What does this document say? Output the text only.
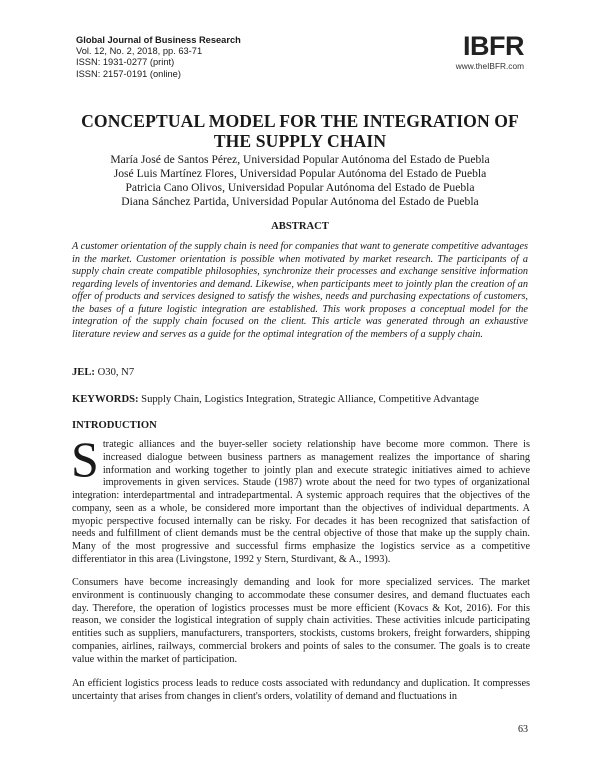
Global Journal of Business Research
Vol. 12, No. 2, 2018, pp. 63-71
ISSN: 1931-0277 (print)
ISSN: 2157-0191 (online)
IBFR
www.theIBFR.com
CONCEPTUAL MODEL FOR THE INTEGRATION OF THE SUPPLY CHAIN
María José de Santos Pérez, Universidad Popular Autónoma del Estado de Puebla
José Luis Martínez Flores, Universidad Popular Autónoma del Estado de Puebla
Patricia Cano Olivos, Universidad Popular Autónoma del Estado de Puebla
Diana Sánchez Partida, Universidad Popular Autónoma del Estado de Puebla
ABSTRACT
A customer orientation of the supply chain is need for companies that want to generate competitive advantages in the market. Customer orientation is possible when motivated by market research. The participants of a supply chain create compatible philosophies, synchronize their processes and exchange sensitive information regarding levels of inventories and demand. Likewise, when participants meet to jointly plan the creation of an offer of products and services designed to satisfy the wishes, needs and purchasing expectations of customers, the bases of a future logistic integration are established. This work proposes a conceptual model for the integration of the supply chain focused on the client. This article was generated through an exhaustive literature review and serves as a guide for the optimal integration of the members of a supply chain.
JEL: O30, N7
KEYWORDS: Supply Chain, Logistics Integration, Strategic Alliance, Competitive Advantage
INTRODUCTION

Strategic alliances and the buyer-seller society relationship have become more common. There is increased dialogue between business partners as management realizes the importance of sharing information and working together to jointly plan and execute strategic initiatives aimed to achieve improvements in given services. Staude (1987) wrote about the need for two types of organizational integration: interdepartmental and intradepartmental. A systemic approach requires that the objectives of the company, seen as a whole, be considered more important than the objectives of individual departments. A myopic perspective focused internally can be risky. For decades it has been recognized that satisfaction of needs and fulfillment of client demands must be the central objective of those that make up the supply chain. Many of the most progressive and successful firms emphasize the logistics service as a competitive differentiator in this area (Livingstone, 1992 y Stern, Sturdivant, & A., 1993).

Consumers have become increasingly demanding and look for more specialized services. The market environment is continuously changing to accommodate these consumer desires, and demand fluctuates each day. Therefore, the operation of logistics processes must be more efficient (Kovacs & Kot, 2016). For this reason, we consider the logistical integration of supply chain activities. These activities inlcude participating entities such as suppliers, manufacturers, transporters, stockists, customs brokers, freight forwarders, shipping companies, airlines, railways, commercial brokers and points of sales to the consumer. The goals is to create value within the market of participation.

An efficient logistics process leads to reduce costs associated with redundancy and duplication. It compresses uncertainty that arises from changes in client's orders, volatility of demand and fluctuations in

63
